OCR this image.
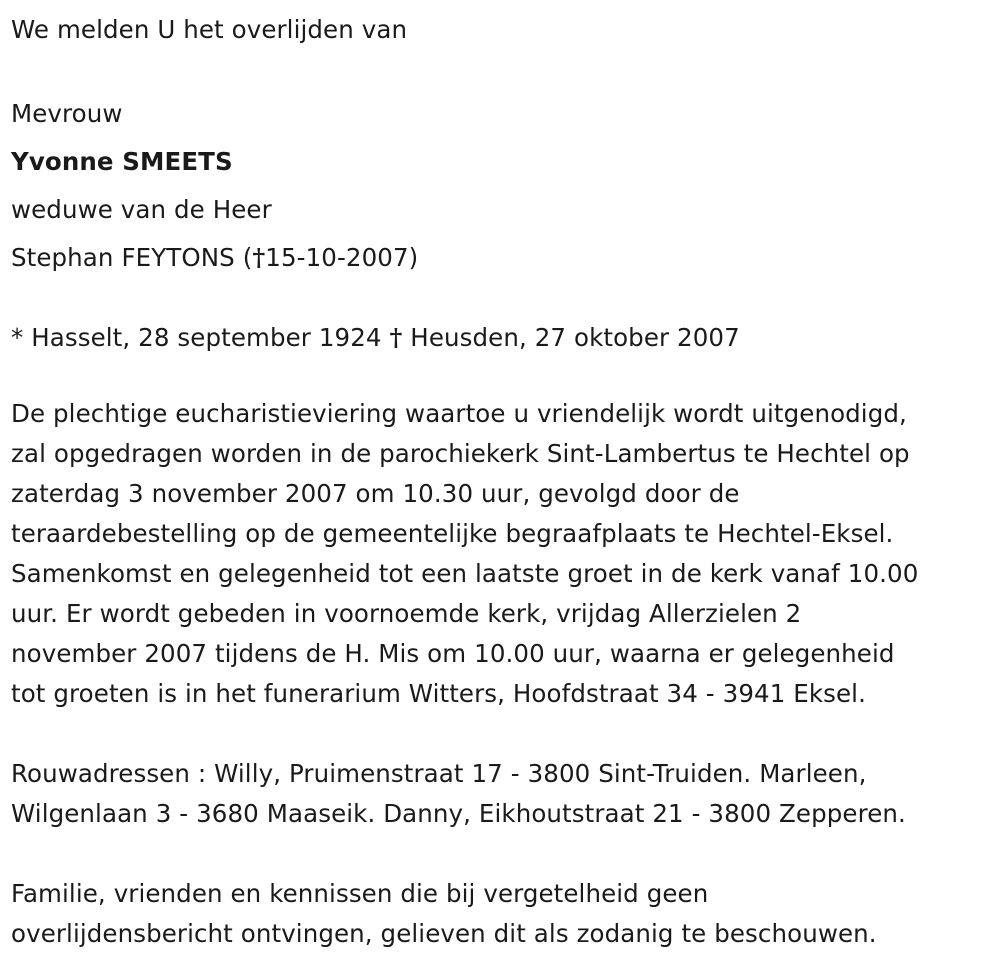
We melden U het overlijden van
Mevrouw
Yvonne SMEETS
weduwe van de Heer
Stephan FEYTONS (†15-10-2007)
* Hasselt, 28 september 1924 † Heusden, 27 oktober 2007
De plechtige eucharistieviering waartoe u vriendelijk wordt uitgenodigd,
zal opgedragen worden in de parochiekerk Sint-Lambertus te Hechtel op
zaterdag 3 november 2007 om 10.30 uur, gevolgd door de
teraardebestelling op de gemeentelijke begraafplaats te Hechtel-Eksel.
Samenkomst en gelegenheid tot een laatste groet in de kerk vanaf 10.00
uur. Er wordt gebeden in voornoemde kerk, vrijdag Allerzielen 2
november 2007 tijdens de H. Mis om 10.00 uur, waarna er gelegenheid
tot groeten is in het funerarium Witters, Hoofdstraat 34 - 3941 Eksel.

Rouwadressen : Willy, Pruimenstraat 17 - 3800 Sint-Truiden. Marleen,
Wilgenlaan 3 - 3680 Maaseik. Danny, Eikhoutstraat 21 - 3800 Zepperen.

Familie, vrienden en kennissen die bij vergetelheid geen
overlijdensbericht ontvingen, gelieven dit als zodanig te beschouwen.
